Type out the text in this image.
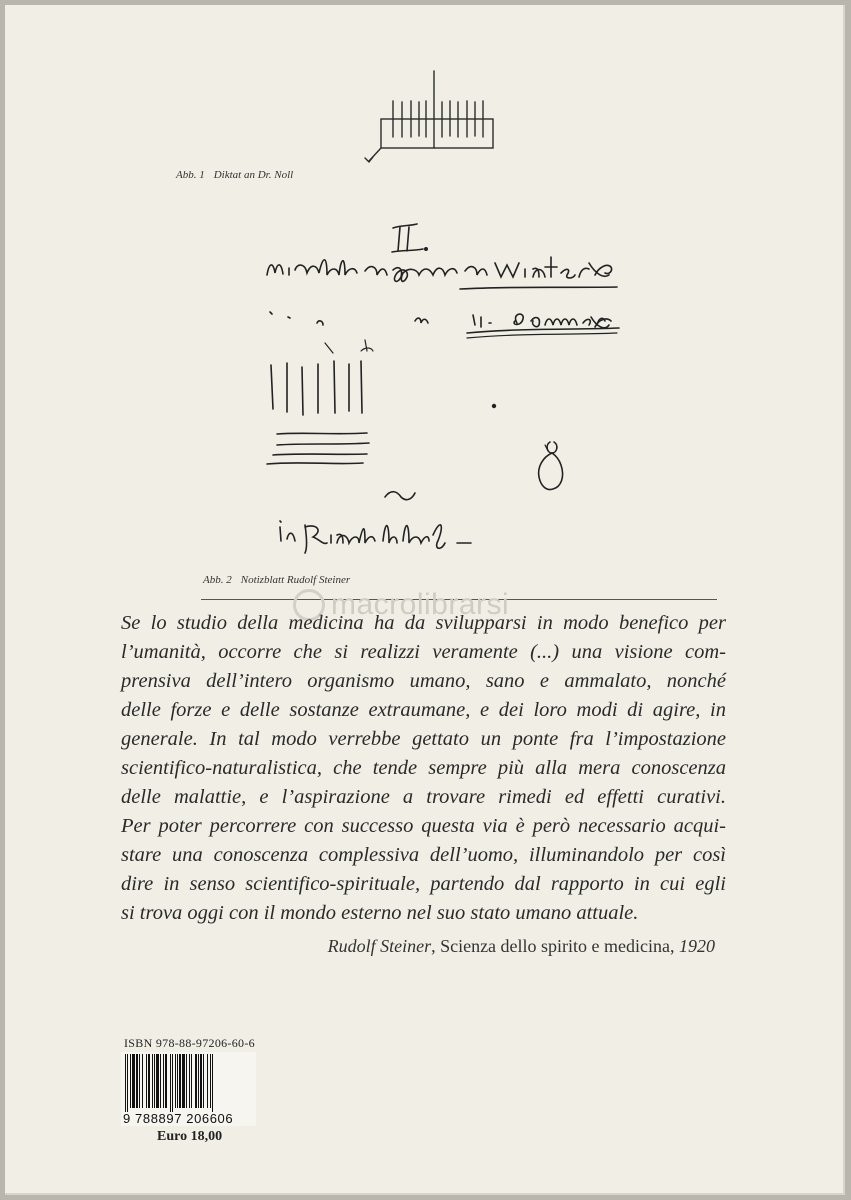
Abb. 1 Diktat an Dr. Noll
Abb. 2 Notizblatt Rudolf Steiner
macrolibrarsi
Se lo studio della medicina ha da svilupparsi in modo benefico per
l’umanità, occorre che si realizzi veramente (...) una visione com-
prensiva dell’intero organismo umano, sano e ammalato, nonché
delle forze e delle sostanze extraumane, e dei loro modi di agire, in
generale. In tal modo verrebbe gettato un ponte fra l’impostazione
scientifico-naturalistica, che tende sempre più alla mera conoscenza
delle malattie, e l’aspirazione a trovare rimedi ed effetti curativi.
Per poter percorrere con successo questa via è però necessario acqui-
stare una conoscenza complessiva dell’uomo, illuminandolo per così
dire in senso scientifico-spirituale, partendo dal rapporto in cui egli
si trova oggi con il mondo esterno nel suo stato umano attuale.
Rudolf Steiner, Scienza dello spirito e medicina, 1920
ISBN 978-88-97206-60-6
9 788897 206606
Euro 18,00
